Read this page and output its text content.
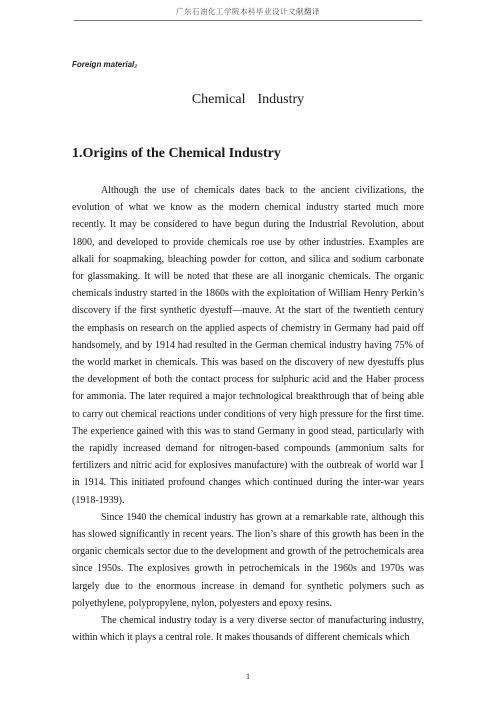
广东石油化工学院本科毕业设计文献翻译
Foreign material₂
Chemical Industry
1.Origins of the Chemical Industry

Although the use of chemicals dates back to the ancient civilizations, the evolution of what we know as the modern chemical industry started much more recently. It may be considered to have begun during the Industrial Revolution, about 1800, and developed to provide chemicals roe use by other industries. Examples are alkali for soapmaking, bleaching powder for cotton, and silica and sodium carbonate for glassmaking. It will be noted that these are all inorganic chemicals. The organic chemicals industry started in the 1860s with the exploitation of William Henry Perkin’s discovery if the first synthetic dyestuff—mauve. At the start of the twentieth century the emphasis on research on the applied aspects of chemistry in Germany had paid off handsomely, and by 1914 had resulted in the German chemical industry having 75% of the world market in chemicals. This was based on the discovery of new dyestuffs plus the development of both the contact process for sulphuric acid and the Haber process for ammonia. The later required a major technological breakthrough that of being able to carry out chemical reactions under conditions of very high pressure for the first time. The experience gained with this was to stand Germany in good stead, particularly with the rapidly increased demand for nitrogen-based compounds (ammonium salts for fertilizers and nitric acid for explosives manufacture) with the outbreak of world war Ⅰ in 1914. This initiated profound changes which continued during the inter-war years (1918-1939).

Since 1940 the chemical industry has grown at a remarkable rate, although this has slowed significantly in recent years. The lion’s share of this growth has been in the organic chemicals sector due to the development and growth of the petrochemicals area since 1950s. The explosives growth in petrochemicals in the 1960s and 1970s was largely due to the enormous increase in demand for synthetic polymers such as polyethylene, polypropylene, nylon, polyesters and epoxy resins.

The chemical industry today is a very diverse sector of manufacturing industry, within which it plays a central role. It makes thousands of different chemicals which

1
